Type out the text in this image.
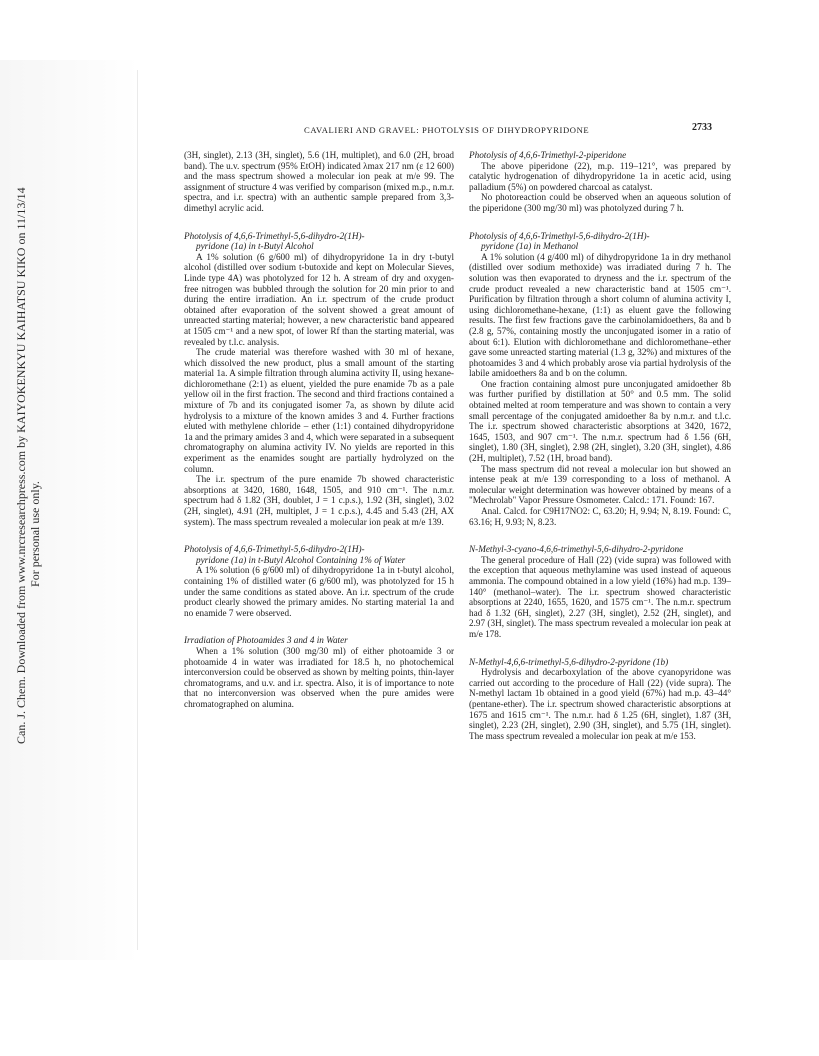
Can. J. Chem. Downloaded from www.nrcresearchpress.com by KAIYOKENKYU KAIHATSU KIKO on 11/13/14 For personal use only.
CAVALIERI AND GRAVEL: PHOTOLYSIS OF DIHYDROPYRIDONE	2733

(3H, singlet), 2.13 (3H, singlet), 5.6 (1H, multiplet), and 6.0 (2H, broad band). The u.v. spectrum (95% EtOH) indicated λmax 217 nm (ε 12 600) and the mass spectrum showed a molecular ion peak at m/e 99. The assignment of structure 4 was verified by comparison (mixed m.p., n.m.r. spectra, and i.r. spectra) with an authentic sample prepared from 3,3-dimethyl acrylic acid.

Photolysis of 4,6,6-Trimethyl-5,6-dihydro-2(1H)-
pyridone (1a) in t-Butyl Alcohol

A 1% solution (6 g/600 ml) of dihydropyridone 1a in dry t-butyl alcohol (distilled over sodium t-butoxide and kept on Molecular Sieves, Linde type 4A) was photolyzed for 12 h. A stream of dry and oxygen-free nitrogen was bubbled through the solution for 20 min prior to and during the entire irradiation. An i.r. spectrum of the crude product obtained after evaporation of the solvent showed a great amount of unreacted starting material; however, a new characteristic band appeared at 1505 cm⁻¹ and a new spot, of lower Rf than the starting material, was revealed by t.l.c. analysis.

The crude material was therefore washed with 30 ml of hexane, which dissolved the new product, plus a small amount of the starting material 1a. A simple filtration through alumina activity II, using hexane-dichloromethane (2:1) as eluent, yielded the pure enamide 7b as a pale yellow oil in the first fraction. The second and third fractions contained a mixture of 7b and its conjugated isomer 7a, as shown by dilute acid hydrolysis to a mixture of the known amides 3 and 4. Further fractions eluted with methylene chloride – ether (1:1) contained dihydropyridone 1a and the primary amides 3 and 4, which were separated in a subsequent chromatography on alumina activity IV. No yields are reported in this experiment as the enamides sought are partially hydrolyzed on the column.

The i.r. spectrum of the pure enamide 7b showed characteristic absorptions at 3420, 1680, 1648, 1505, and 910 cm⁻¹. The n.m.r. spectrum had δ 1.82 (3H, doublet, J = 1 c.p.s.), 1.92 (3H, singlet), 3.02 (2H, singlet), 4.91 (2H, multiplet, J = 1 c.p.s.), 4.45 and 5.43 (2H, AX system). The mass spectrum revealed a molecular ion peak at m/e 139.

Photolysis of 4,6,6-Trimethyl-5,6-dihydro-2(1H)-
pyridone (1a) in t-Butyl Alcohol Containing 1% of Water

A 1% solution (6 g/600 ml) of dihydropyridone 1a in t-butyl alcohol, containing 1% of distilled water (6 g/600 ml), was photolyzed for 15 h under the same conditions as stated above. An i.r. spectrum of the crude product clearly showed the primary amides. No starting material 1a and no enamide 7 were observed.

Irradiation of Photoamides 3 and 4 in Water

When a 1% solution (300 mg/30 ml) of either photoamide 3 or photoamide 4 in water was irradiated for 18.5 h, no photochemical interconversion could be observed as shown by melting points, thin-layer chromatograms, and u.v. and i.r. spectra. Also, it is of importance to note that no interconversion was observed when the pure amides were chromatographed on alumina.

Photolysis of 4,6,6-Trimethyl-2-piperidone

The above piperidone (22), m.p. 119–121°, was prepared by catalytic hydrogenation of dihydropyridone 1a in acetic acid, using palladium (5%) on powdered charcoal as catalyst.

No photoreaction could be observed when an aqueous solution of the piperidone (300 mg/30 ml) was photolyzed during 7 h.

Photolysis of 4,6,6-Trimethyl-5,6-dihydro-2(1H)-
pyridone (1a) in Methanol

A 1% solution (4 g/400 ml) of dihydropyridone 1a in dry methanol (distilled over sodium methoxide) was irradiated during 7 h. The solution was then evaporated to dryness and the i.r. spectrum of the crude product revealed a new characteristic band at 1505 cm⁻¹. Purification by filtration through a short column of alumina activity I, using dichloromethane-hexane, (1:1) as eluent gave the following results. The first few fractions gave the carbinolamidoethers, 8a and b (2.8 g, 57%, containing mostly the unconjugated isomer in a ratio of about 6:1). Elution with dichloromethane and dichloromethane–ether gave some unreacted starting material (1.3 g, 32%) and mixtures of the photoamides 3 and 4 which probably arose via partial hydrolysis of the labile amidoethers 8a and b on the column.

One fraction containing almost pure unconjugated amidoether 8b was further purified by distillation at 50° and 0.5 mm. The solid obtained melted at room temperature and was shown to contain a very small percentage of the conjugated amidoether 8a by n.m.r. and t.l.c. The i.r. spectrum showed characteristic absorptions at 3420, 1672, 1645, 1503, and 907 cm⁻¹. The n.m.r. spectrum had δ 1.56 (6H, singlet), 1.80 (3H, singlet), 2.98 (2H, singlet), 3.20 (3H, singlet), 4.86 (2H, multiplet), 7.52 (1H, broad band).

The mass spectrum did not reveal a molecular ion but showed an intense peak at m/e 139 corresponding to a loss of methanol. A molecular weight determination was however obtained by means of a "Mechrolab" Vapor Pressure Osmometer. Calcd.: 171. Found: 167.

Anal. Calcd. for C9H17NO2: C, 63.20; H, 9.94; N, 8.19. Found: C, 63.16; H, 9.93; N, 8.23.

N-Methyl-3-cyano-4,6,6-trimethyl-5,6-dihydro-2-pyridone

The general procedure of Hall (22) (vide supra) was followed with the exception that aqueous methylamine was used instead of aqueous ammonia. The compound obtained in a low yield (16%) had m.p. 139–140° (methanol–water). The i.r. spectrum showed characteristic absorptions at 2240, 1655, 1620, and 1575 cm⁻¹. The n.m.r. spectrum had δ 1.32 (6H, singlet), 2.27 (3H, singlet), 2.52 (2H, singlet), and 2.97 (3H, singlet). The mass spectrum revealed a molecular ion peak at m/e 178.

N-Methyl-4,6,6-trimethyl-5,6-dihydro-2-pyridone (1b)

Hydrolysis and decarboxylation of the above cyanopyridone was carried out according to the procedure of Hall (22) (vide supra). The N-methyl lactam 1b obtained in a good yield (67%) had m.p. 43–44° (pentane-ether). The i.r. spectrum showed characteristic absorptions at 1675 and 1615 cm⁻¹. The n.m.r. had δ 1.25 (6H, singlet), 1.87 (3H, singlet), 2.23 (2H, singlet), 2.90 (3H, singlet), and 5.75 (1H, singlet). The mass spectrum revealed a molecular ion peak at m/e 153.
